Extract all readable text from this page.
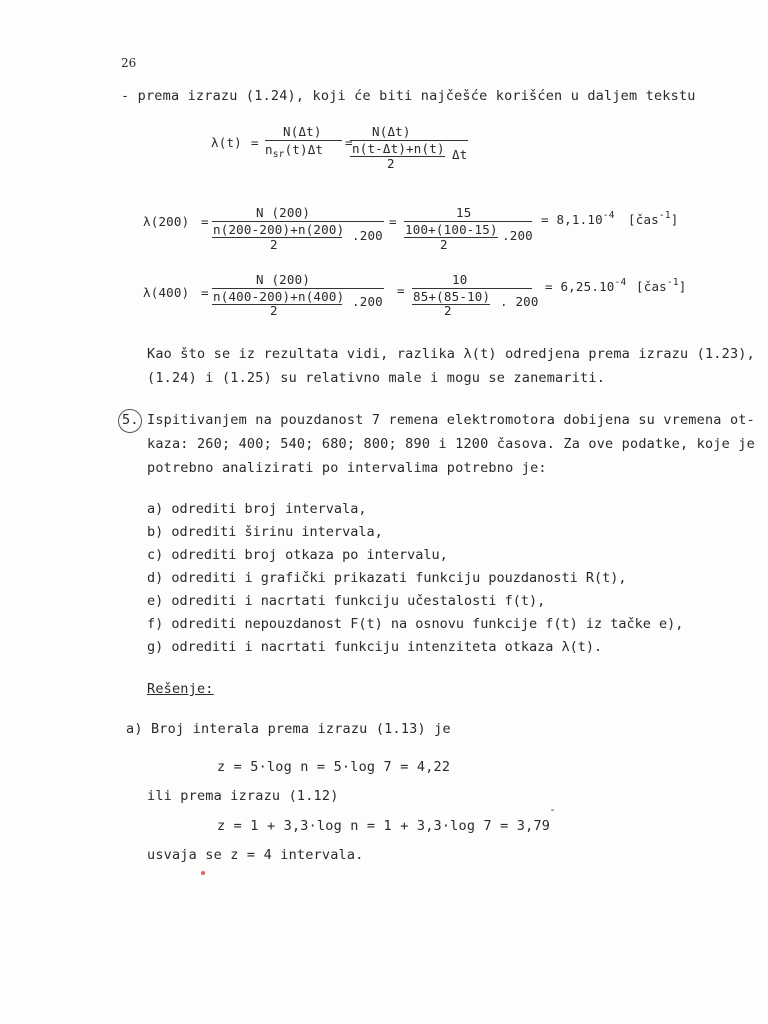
26
- prema izrazu (1.24), koji će biti najčešće korišćen u daljem tekstu
λ(t) =
N(Δt)
$n_{sr}(t)\Delta t$ =
N(Δt)
n(t-Δt)+n(t)
2
Δt
λ(200) =
N (200)
n(200-200)+n(200)
2
.200
=
15
100+(100-15)
2
.200
= $8,1.10^{-4}$ [čas$^{-1}$]
λ(400) =
N (200)
n(400-200)+n(400)
2
.200
=
10
85+(85-10)
2
. 200
= $6,25.10^{-4}$ [čas$^{-1}$]
Kao što se iz rezultata vidi, razlika λ(t) odredjena prema izrazu (1.23),
(1.24) i (1.25) su relativno male i mogu se zanemariti.
5. Ispitivanjem na pouzdanost 7 remena elektromotora dobijena su vremena ot-
kaza: 260; 400; 540; 680; 800; 890 i 1200 časova. Za ove podatke, koje je
potrebno analizirati po intervalima potrebno je:
a) odrediti broj intervala,
b) odrediti širinu intervala,
c) odrediti broj otkaza po intervalu,
d) odrediti i grafički prikazati funkciju pouzdanosti R(t),
e) odrediti i nacrtati funkciju učestalosti f(t),
f) odrediti nepouzdanost F(t) na osnovu funkcije f(t) iz tačke e),
g) odrediti i nacrtati funkciju intenziteta otkaza λ(t).
Rešenje:
a) Broj interala prema izrazu (1.13) je
z = 5·log n = 5·log 7 = 4,22
ili prema izrazu (1.12)
z = 1 + 3,3·log n = 1 + 3,3·log 7 = 3,79
usvaja se z = 4 intervala.
